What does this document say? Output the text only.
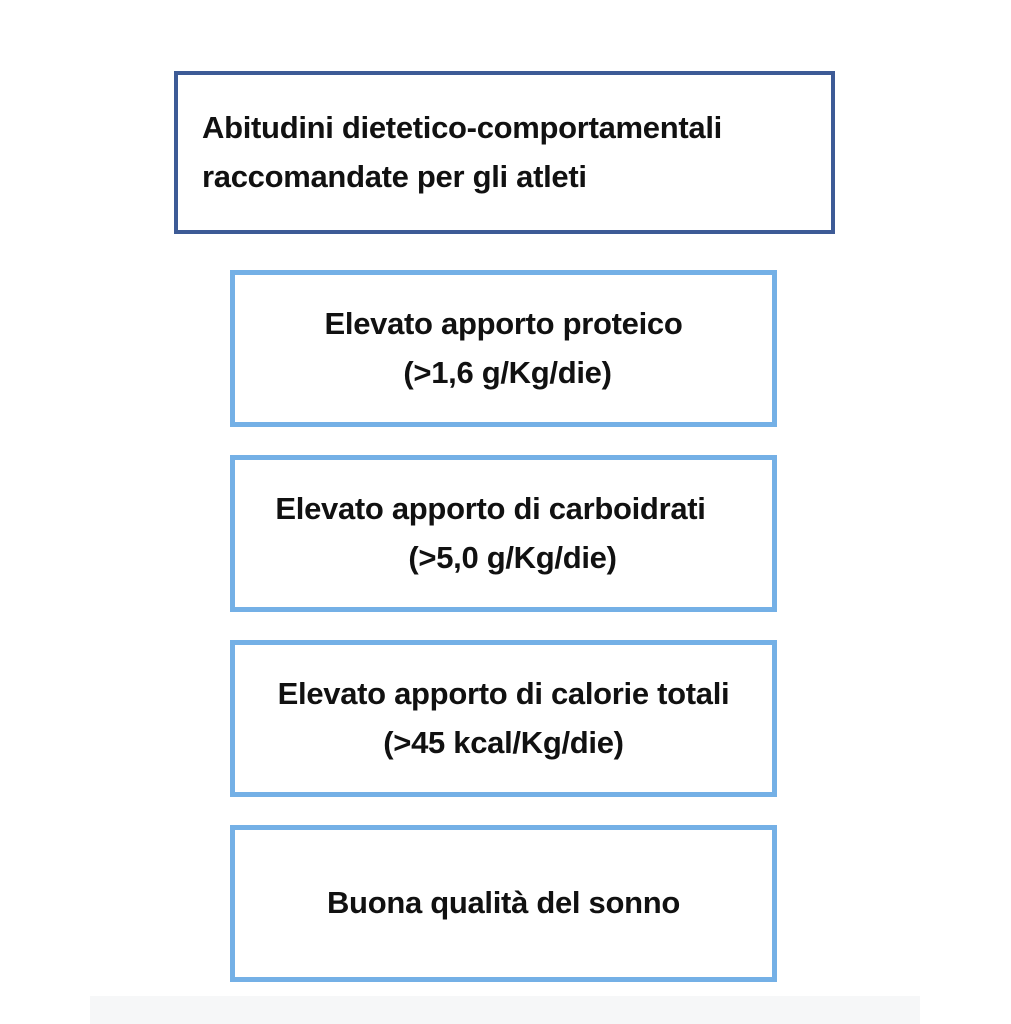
Abitudini dietetico-comportamentali
raccomandate per gli atleti
Elevato apporto proteico
(>1,6 g/Kg/die)
Elevato apporto di carboidrati
(>5,0 g/Kg/die)
Elevato apporto di calorie totali
(>45 kcal/Kg/die)
Buona qualità del sonno
